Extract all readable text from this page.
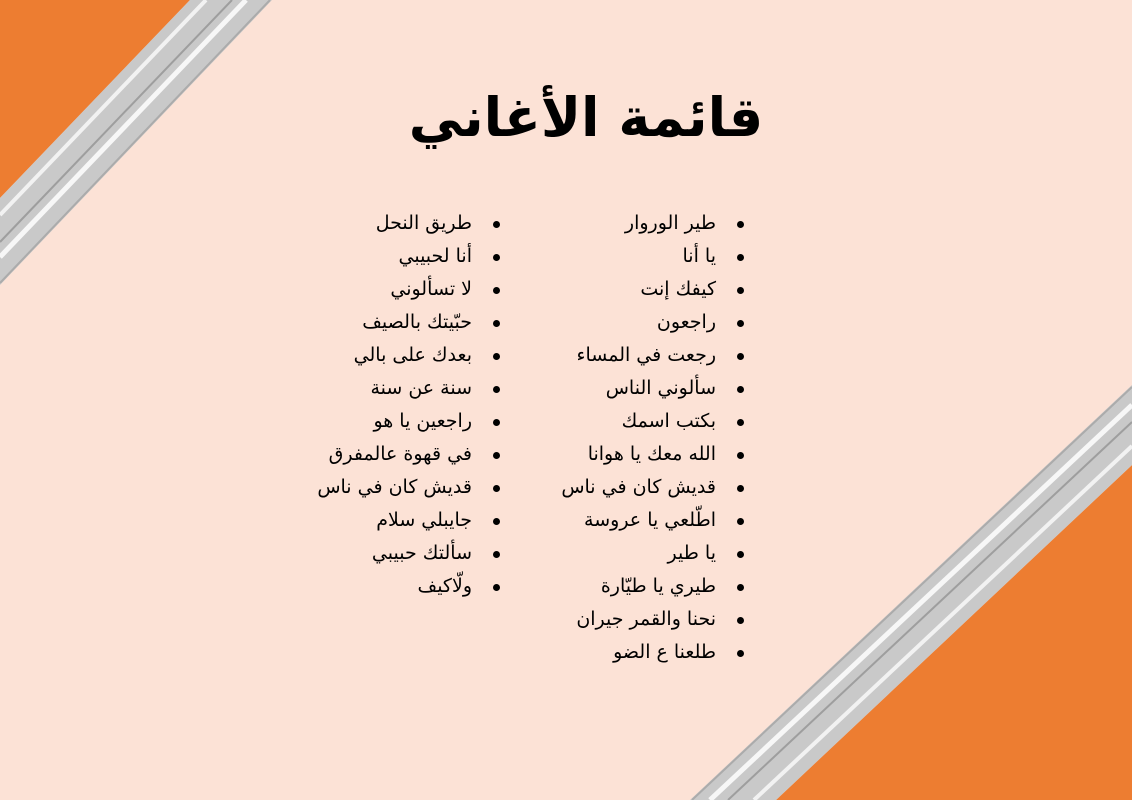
قائمة الأغاني
طير الوروار
يا أنا
كيفك إنت
راجعون
رجعت في المساء
سألوني الناس
بكتب اسمك
الله معك يا هوانا
قديش كان في ناس
اطّلعي يا عروسة
يا طير
طيري يا طيّارة
نحنا والقمر جيران
طلعنا ع الضو
طريق النحل
أنا لحبيبي
لا تسألوني
حبّيتك بالصيف
بعدك على بالي
سنة عن سنة
راجعين يا هو
في قهوة عالمفرق
قديش كان في ناس
جايبلي سلام
سألتك حبيبي
ولّاكيف
